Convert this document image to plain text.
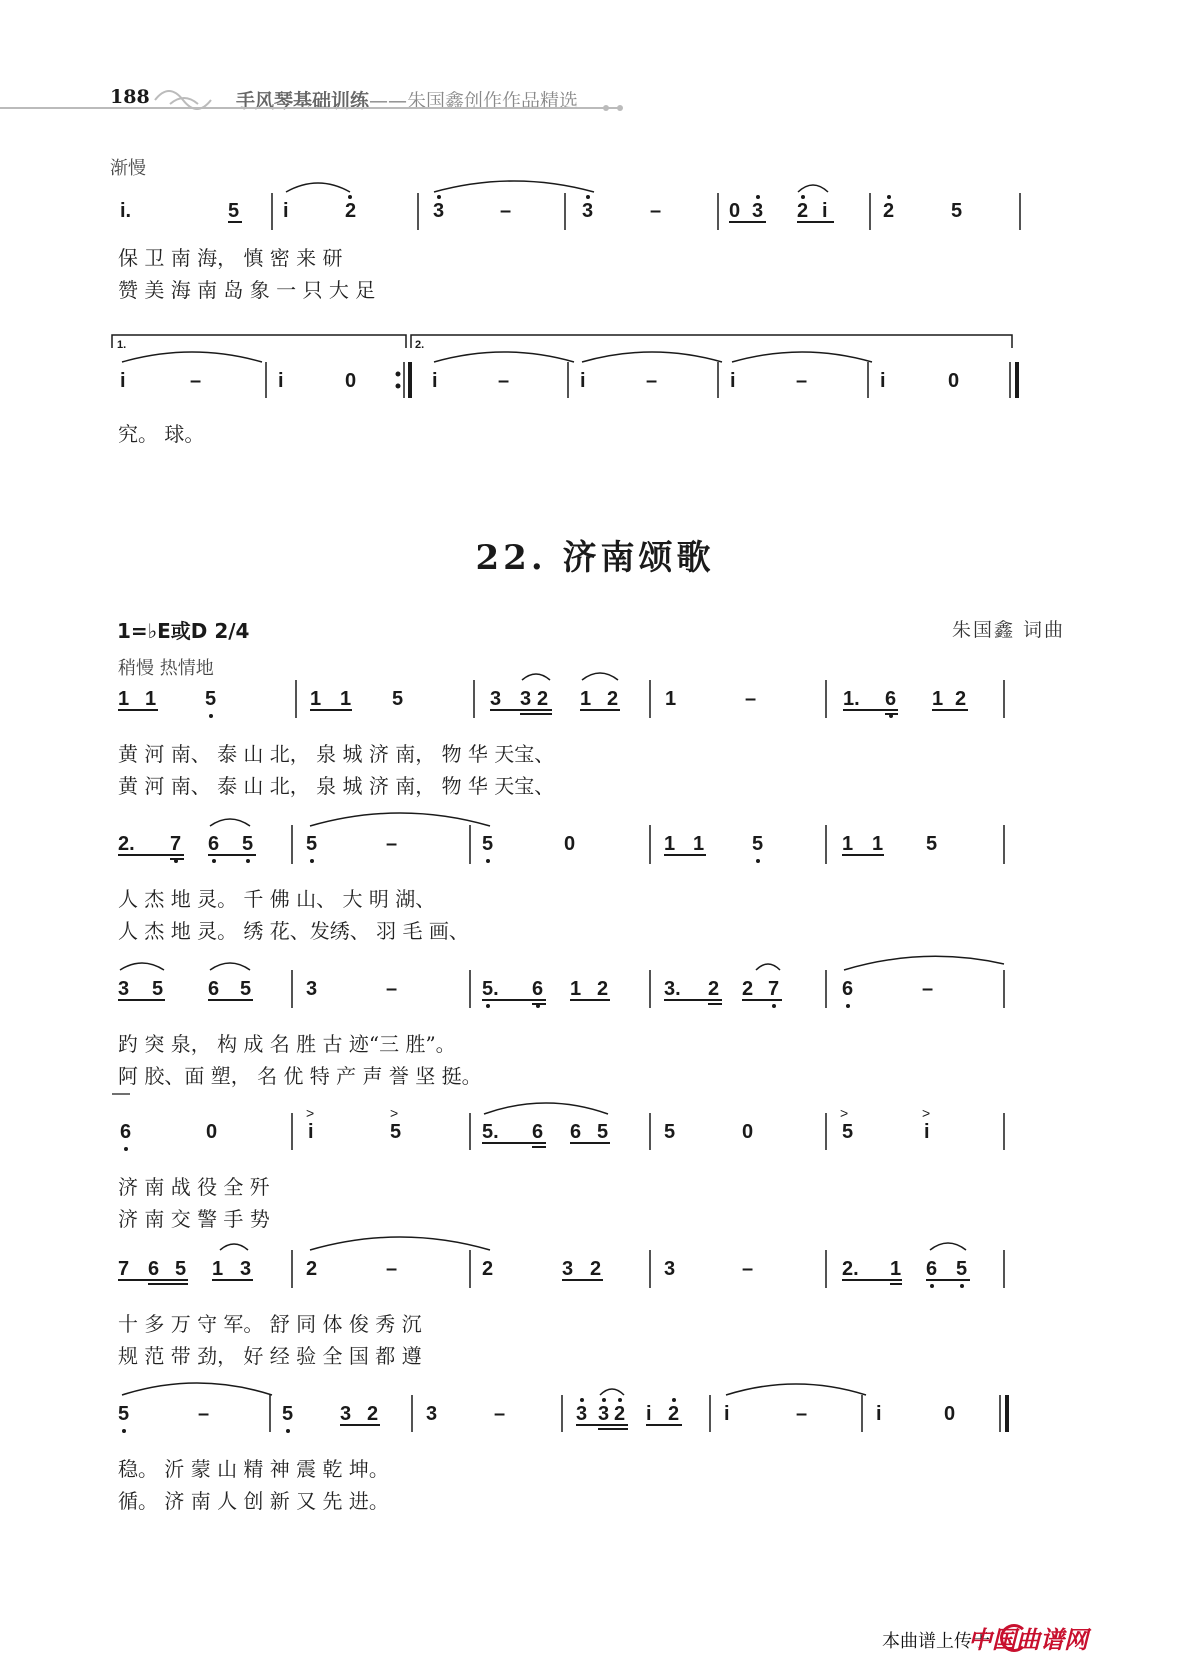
188	手风琴基础训练——朱国鑫创作作品精选
渐慢
i.	5 i	2	3	–	3	–	0 3 2 i	2	5
1.	2.
i	–	i	0	i	–	i	–	i	–	i	0
1 1 5	1 1 5	3 3 2 1 2 1	–	1. 6 1 2
2. 7 6 5	5	–	5	0	1 1 5	1 1 5
3 5 6 5	3	–	5. 6 1 2	3. 2 2 7	6	–
6	0
>
i
>
5	5. 6 6 5	5	0
>
5
>
i
7 6 5 1 3	2	–	2	3 2	3	–	2. 1 6 5
5	–	5 3 2 3	–	3 3 2 i 2 i	–	i	0
保 卫 南 海， 慎 密 来 研
赞 美 海 南 岛 象 一 只 大 足
究。 球。
22. 济南颂歌
1=♭E或D 2/4	朱国鑫 词曲
稍慢 热情地
黄 河 南、 泰 山 北， 泉 城 济 南， 物 华 天宝、
黄 河 南、 泰 山 北， 泉 城 济 南， 物 华 天宝、
人 杰 地 灵。 千 佛 山、 大 明 湖、
人 杰 地 灵。 绣 花、发绣、 羽 毛 画、
趵 突 泉， 构 成 名 胜 古 迹“三 胜”。
阿 胶、面 塑， 名 优 特 产 声 誉 坚 挺。
济 南 战 役 全 歼
济 南 交 警 手 势
十 多 万 守 军。 舒 同 体 俊 秀 沉
规 范 带 劲， 好 经 验 全 国 都 遵
稳。 沂 蒙 山 精 神 震 乾 坤。
循。 济 南 人 创 新 又 先 进。
本曲谱上传于
中国曲谱网
